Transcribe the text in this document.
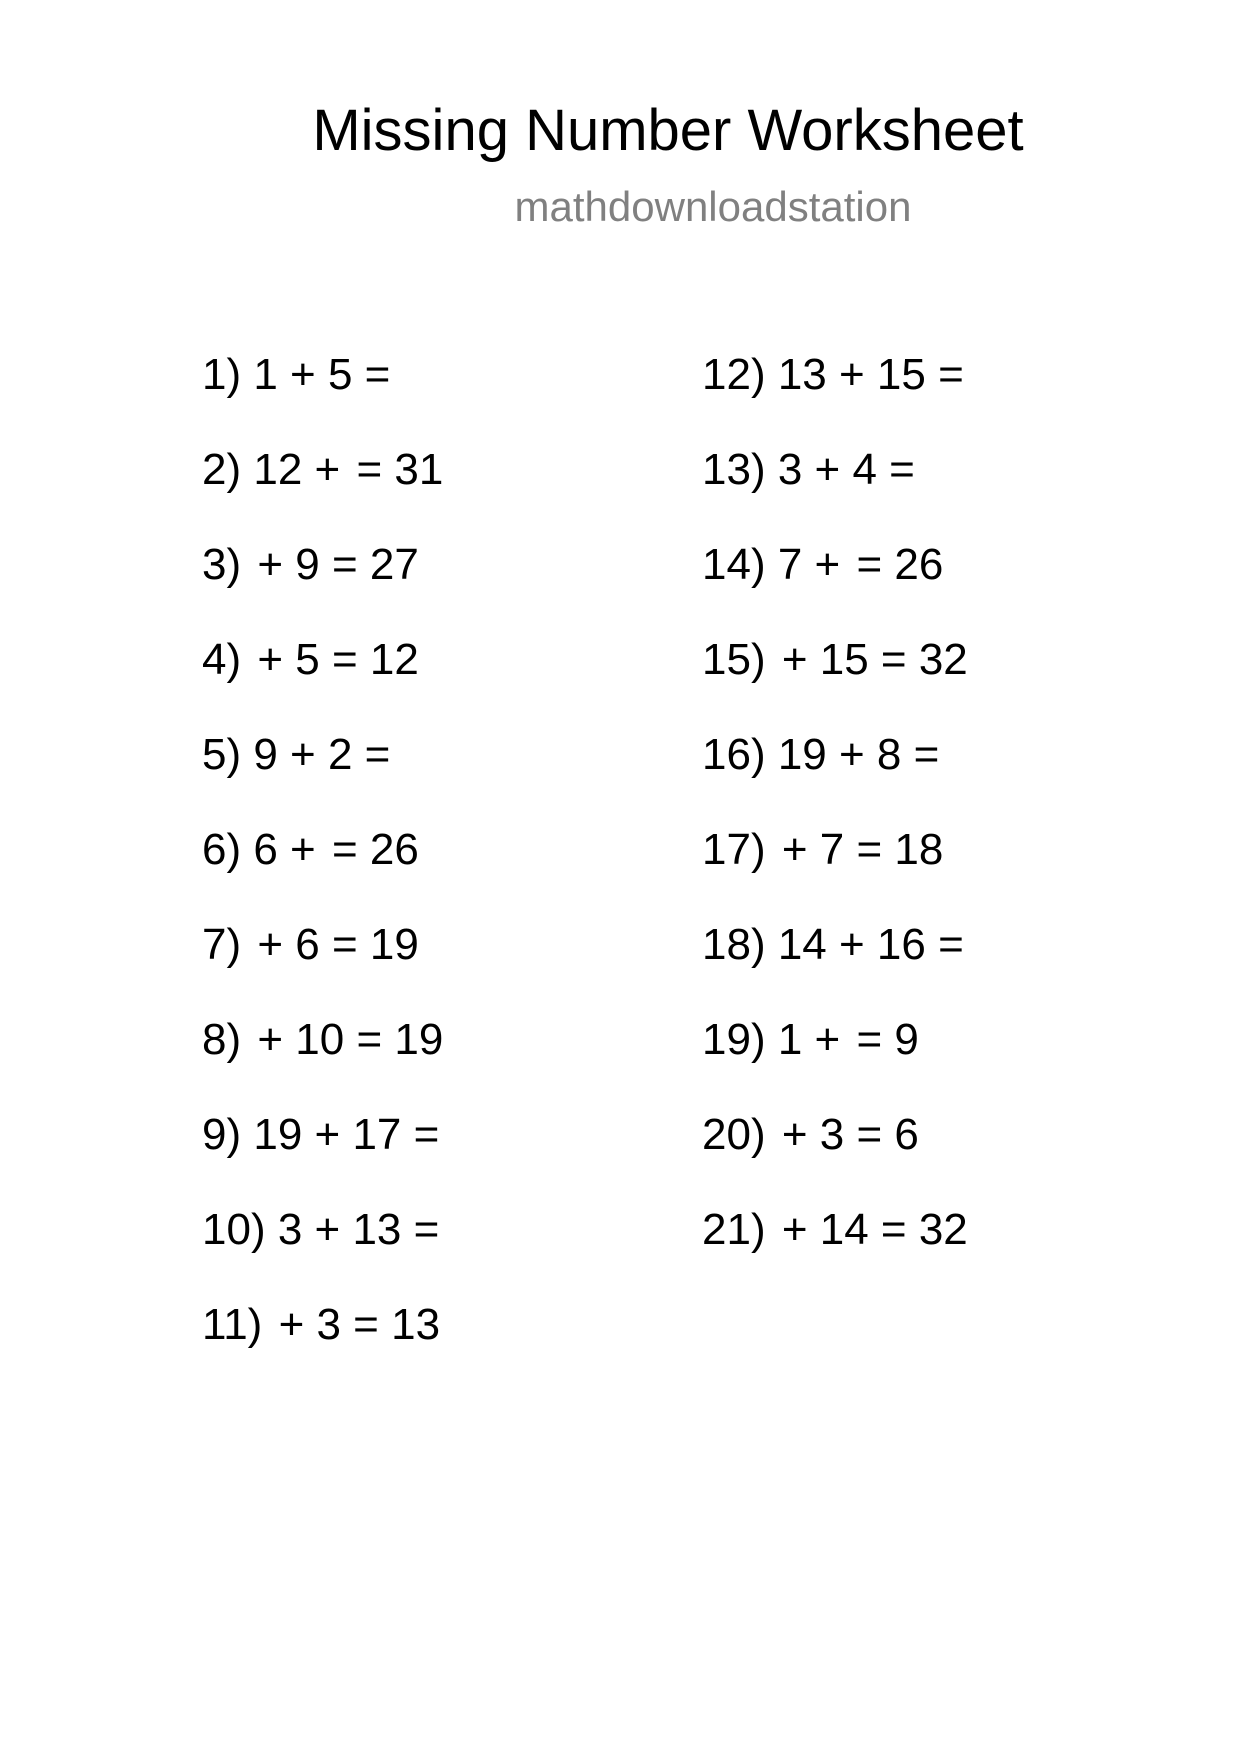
Missing Number Worksheet
mathdownloadstation
1) 1 + 5 =
2) 12 + = 31
3) + 9 = 27
4) + 5 = 12
5) 9 + 2 =
6) 6 + = 26
7) + 6 = 19
8) + 10 = 19
9) 19 + 17 =
10) 3 + 13 =
11) + 3 = 13
12) 13 + 15 =
13) 3 + 4 =
14) 7 + = 26
15) + 15 = 32
16) 19 + 8 =
17) + 7 = 18
18) 14 + 16 =
19) 1 + = 9
20) + 3 = 6
21) + 14 = 32
